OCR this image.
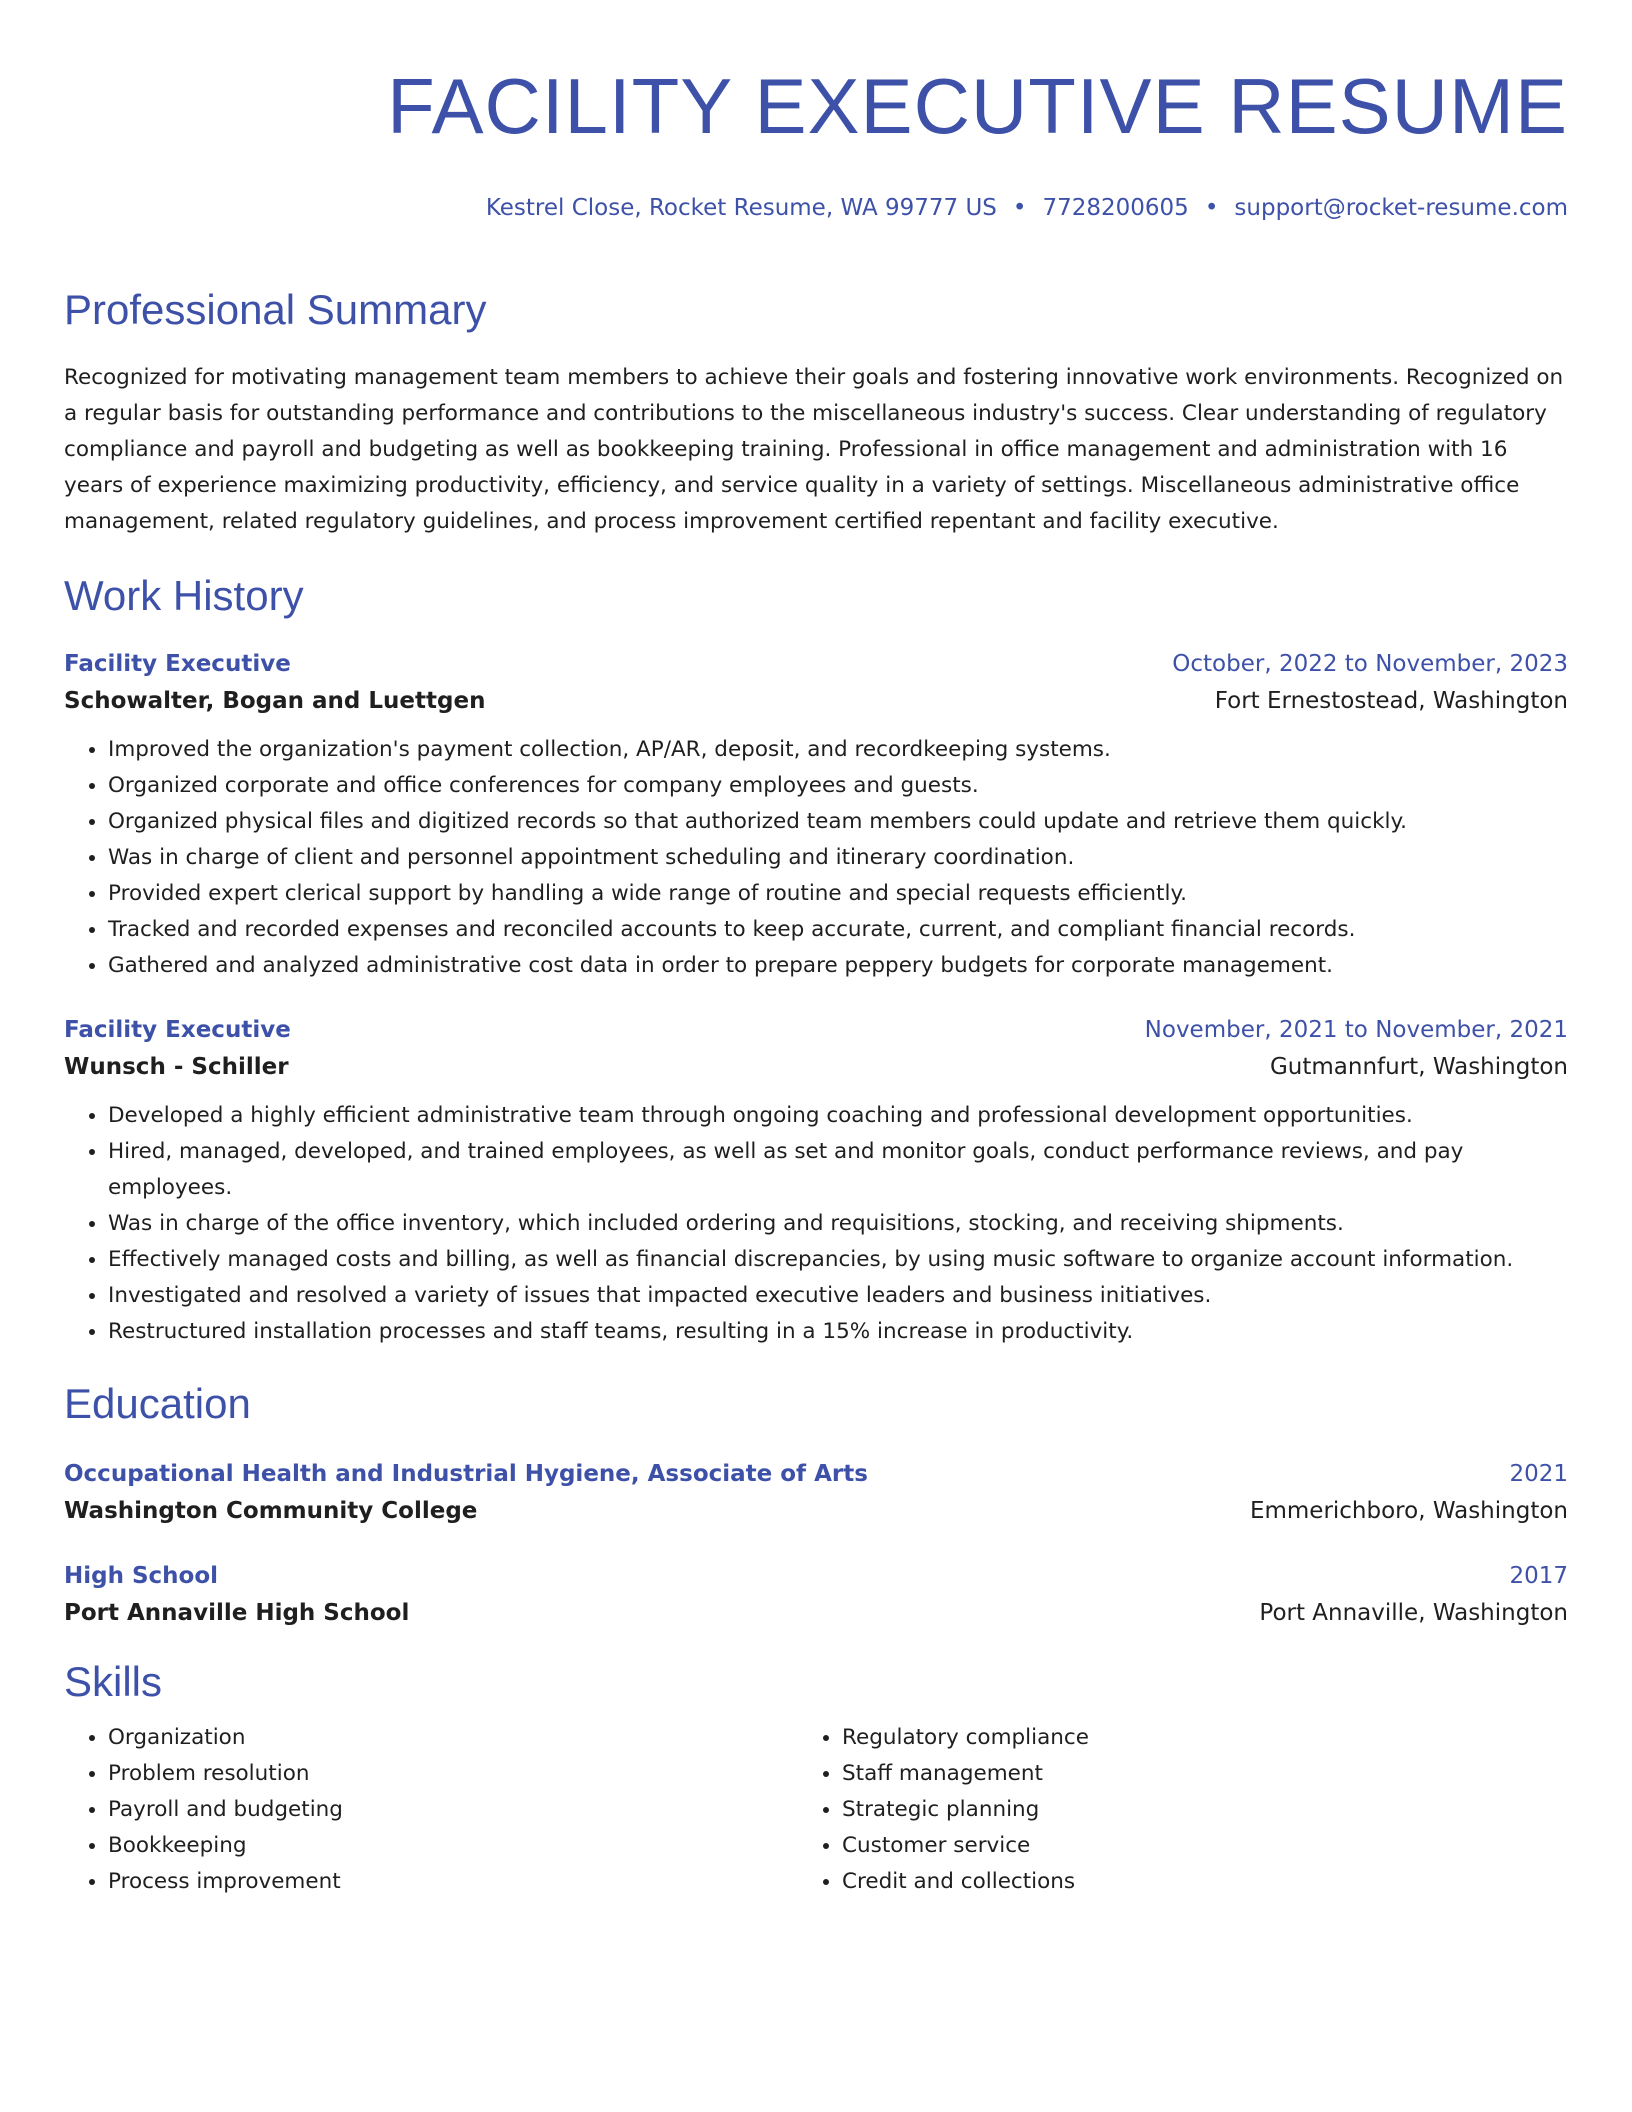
FACILITY EXECUTIVE RESUME
Kestrel Close, Rocket Resume, WA 99777 US • 7728200605 • support@rocket-resume.com
Professional Summary
Recognized for motivating management team members to achieve their goals and fostering innovative work environments. Recognized on a regular basis for outstanding performance and contributions to the miscellaneous industry's success. Clear understanding of regulatory compliance and payroll and budgeting as well as bookkeeping training. Professional in office management and administration with 16 years of experience maximizing productivity, efficiency, and service quality in a variety of settings. Miscellaneous administrative office management, related regulatory guidelines, and process improvement certified repentant and facility executive.
Work History
Facility Executive	October, 2022 to November, 2023
Schowalter, Bogan and Luettgen	Fort Ernestostead, Washington
• Improved the organization's payment collection, AP/AR, deposit, and recordkeeping systems.
• Organized corporate and office conferences for company employees and guests.
• Organized physical files and digitized records so that authorized team members could update and retrieve them quickly.
• Was in charge of client and personnel appointment scheduling and itinerary coordination.
• Provided expert clerical support by handling a wide range of routine and special requests efficiently.
• Tracked and recorded expenses and reconciled accounts to keep accurate, current, and compliant financial records.
• Gathered and analyzed administrative cost data in order to prepare peppery budgets for corporate management.
Facility Executive	November, 2021 to November, 2021
Wunsch - Schiller	Gutmannfurt, Washington
• Developed a highly efficient administrative team through ongoing coaching and professional development opportunities.
• Hired, managed, developed, and trained employees, as well as set and monitor goals, conduct performance reviews, and pay employees.
• Was in charge of the office inventory, which included ordering and requisitions, stocking, and receiving shipments.
• Effectively managed costs and billing, as well as financial discrepancies, by using music software to organize account information.
• Investigated and resolved a variety of issues that impacted executive leaders and business initiatives.
• Restructured installation processes and staff teams, resulting in a 15% increase in productivity.
Education
Occupational Health and Industrial Hygiene, Associate of Arts	2021
Washington Community College	Emmerichboro, Washington
High School	2017
Port Annaville High School	Port Annaville, Washington
Skills
• Organization
• Problem resolution
• Payroll and budgeting
• Bookkeeping
• Process improvement
• Regulatory compliance
• Staff management
• Strategic planning
• Customer service
• Credit and collections
